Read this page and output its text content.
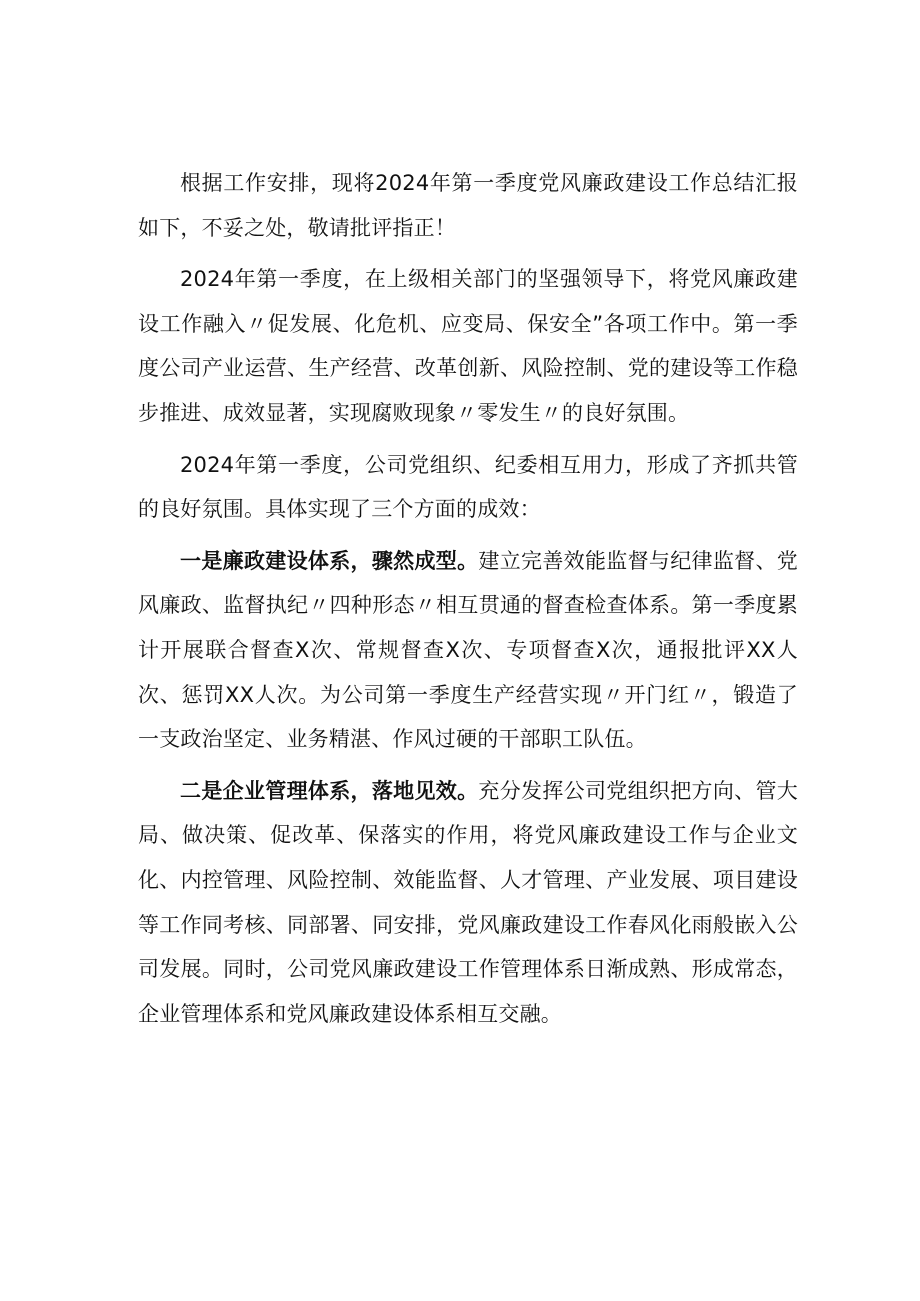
根据工作安排，现将2024年第一季度党风廉政建设工作总结汇报如下，不妥之处，敬请批评指正！

2024年第一季度，在上级相关部门的坚强领导下，将党风廉政建设工作融入〃促发展、化危机、应变局、保安全”各项工作中。第一季度公司产业运营、生产经营、改革创新、风险控制、党的建设等工作稳步推进、成效显著，实现腐败现象〃零发生〃的良好氛围。

2024年第一季度，公司党组织、纪委相互用力，形成了齐抓共管的良好氛围。具体实现了三个方面的成效：

一是廉政建设体系，骤然成型。建立完善效能监督与纪律监督、党风廉政、监督执纪〃四种形态〃相互贯通的督查检查体系。第一季度累计开展联合督查X次、常规督查X次、专项督查X次，通报批评XX人次、惩罚XX人次。为公司第一季度生产经营实现〃开门红〃，锻造了一支政治坚定、业务精湛、作风过硬的干部职工队伍。

二是企业管理体系，落地见效。充分发挥公司党组织把方向、管大局、做决策、促改革、保落实的作用，将党风廉政建设工作与企业文化、内控管理、风险控制、效能监督、人才管理、产业发展、项目建设等工作同考核、同部署、同安排，党风廉政建设工作春风化雨般嵌入公司发展。同时，公司党风廉政建设工作管理体系日渐成熟、形成常态，企业管理体系和党风廉政建设体系相互交融。
